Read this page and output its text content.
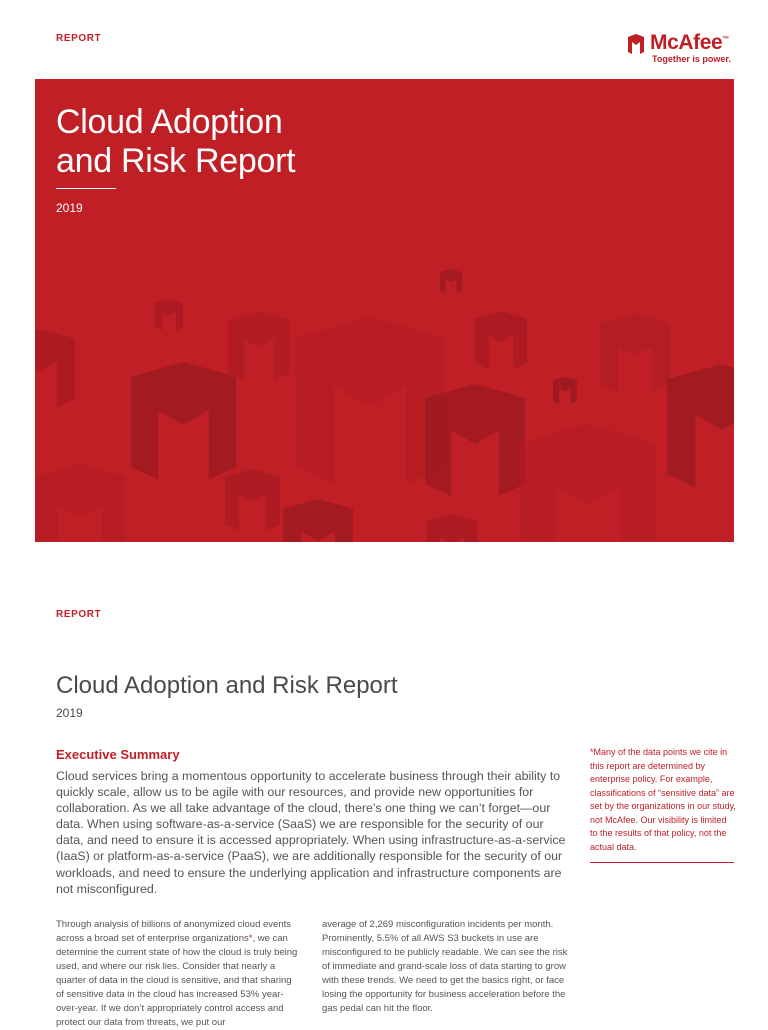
REPORT	McAfee™
Together is power.
Cloud Adoption
and Risk Report
2019
REPORT
Cloud Adoption and Risk Report
2019
Executive Summary

Cloud services bring a momentous opportunity to accelerate business through their ability to quickly scale, allow us to be agile with our resources, and provide new opportunities for collaboration. As we all take advantage of the cloud, there’s one thing we can’t forget—our data. When using software-as-a-service (SaaS) we are responsible for the security of our data, and need to ensure it is accessed appropriately. When using infrastructure-as-a-service (IaaS) or platform-as-a-service (PaaS), we are additionally responsible for the security of our workloads, and need to ensure the underlying application and infrastructure components are not misconfigured.

*Many of the data points we cite in this report are determined by enterprise policy. For example, classifications of “sensitive data” are set by the organizations in our study, not McAfee. Our visibility is limited to the results of that policy, not the actual data.

Through analysis of billions of anonymized cloud events across a broad set of enterprise organizations*, we can determine the current state of how the cloud is truly being used, and where our risk lies. Consider that nearly a quarter of data in the cloud is sensitive, and that sharing of sensitive data in the cloud has increased 53% year-over-year. If we don’t appropriately control access and protect our data from threats, we put our

average of 2,269 misconfiguration incidents per month. Prominently, 5.5% of all AWS S3 buckets in use are misconfigured to be publicly readable. We can see the risk of immediate and grand-scale loss of data starting to grow with these trends. We need to get the basics right, or face losing the opportunity for business acceleration before the gas pedal can hit the floor.
